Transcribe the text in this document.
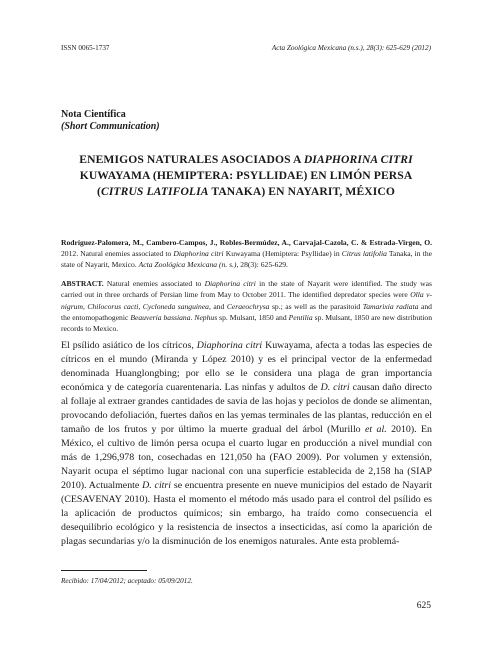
ISSN 0065-1737	Acta Zoológica Mexicana (n.s.), 28(3): 625-629 (2012)
Nota Científica
(Short Communication)
ENEMIGOS NATURALES ASOCIADOS A DIAPHORINA CITRI KUWAYAMA (HEMIPTERA: PSYLLIDAE) EN LIMÓN PERSA (CITRUS LATIFOLIA TANAKA) EN NAYARIT, MÉXICO
Rodríguez-Palomera, M., Cambero-Campos, J., Robles-Bermúdez, A., Carvajal-Cazola, C. & Estrada-Virgen, O. 2012. Natural enemies associated to Diaphorina citri Kuwayama (Hemiptera: Psyllidae) in Citrus latifolia Tanaka, in the state of Nayarit, Mexico. Acta Zoológica Mexicana (n. s.), 28(3): 625-629.
ABSTRACT. Natural enemies associated to Diaphorina citri in the state of Nayarit were identified. The study was carried out in three orchards of Persian lime from May to October 2011. The identified depredator species were Olla v-nigrum, Chilocorus cacti, Cycloneda sanguinea, and Ceraeochrysa sp.; as well as the parasitoid Tamarixia radiata and the entomopathogenic Beauveria bassiana. Nephus sp. Mulsant, 1850 and Pentilia sp. Mulsant, 1850 are new distribution records to Mexico.

El psílido asiático de los cítricos, Diaphorina citri Kuwayama, afecta a todas las especies de cítricos en el mundo (Miranda y López 2010) y es el principal vector de la enfermedad denominada Huanglongbing; por ello se le considera una plaga de gran importancia económica y de categoría cuarentenaria. Las ninfas y adultos de D. citri causan daño directo al follaje al extraer grandes cantidades de savia de las hojas y peciolos de donde se alimentan, provocando defoliación, fuertes daños en las yemas terminales de las plantas, reducción en el tamaño de los frutos y por último la muerte gradual del árbol (Murillo et al. 2010). En México, el cultivo de limón persa ocupa el cuarto lugar en producción a nivel mundial con más de 1,296,978 ton, cosechadas en 121,050 ha (FAO 2009). Por volumen y extensión, Nayarit ocupa el séptimo lugar nacional con una superficie establecida de 2,158 ha (SIAP 2010). Actualmente D. citri se encuentra presente en nueve municipios del estado de Nayarit (CESAVENAY 2010). Hasta el momento el método más usado para el control del psílido es la aplicación de productos químicos; sin embargo, ha traído como consecuencia el desequilibrio ecológico y la resistencia de insectos a insecticidas, así como la aparición de plagas secundarias y/o la disminución de los enemigos naturales. Ante esta problemá-

Recibido: 17/04/2012; aceptado: 05/09/2012.
625
